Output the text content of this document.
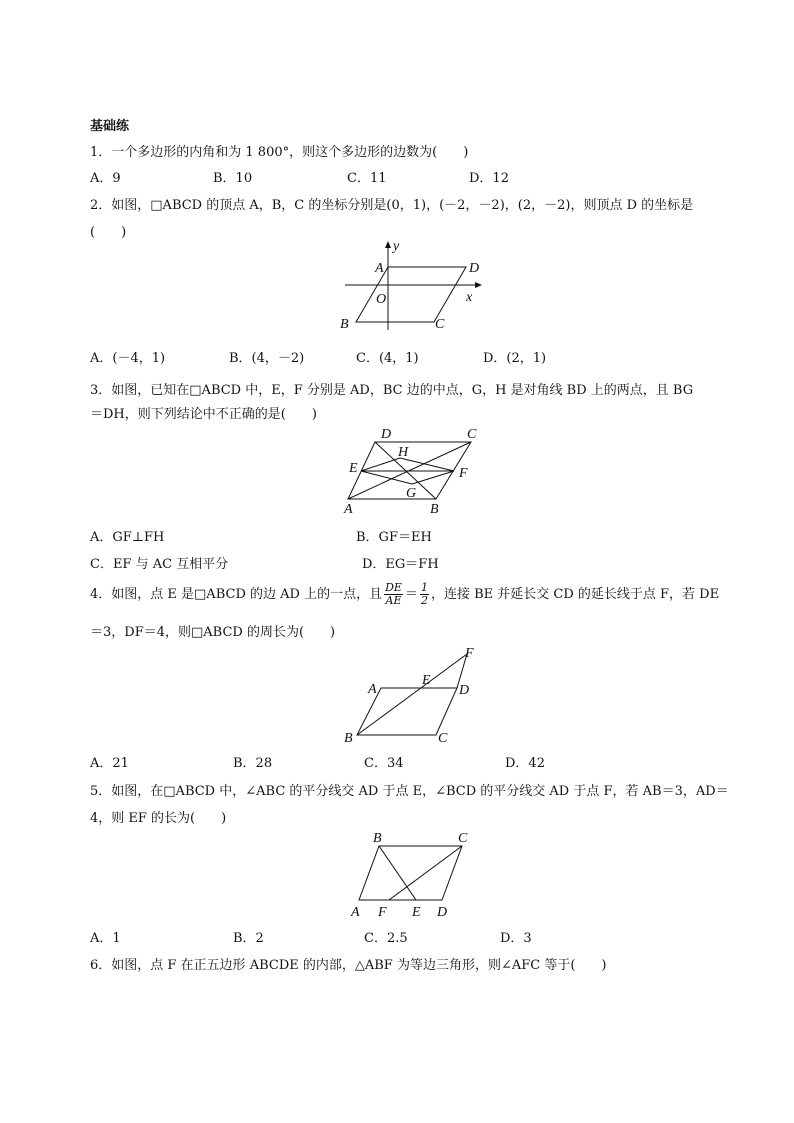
基础练
1．一个多边形的内角和为 1 800°，则这个多边形的边数为(　　)
A．9	B．10	C．11	D．12
2．如图，□ABCD 的顶点 A，B，C 的坐标分别是(0，1)，(－2，－2)，(2，－2)，则顶点 D 的坐标是
(　　)
y
x
O
A	D
B	C
A．(－4，1)	B．(4，－2)	C．(4，1)	D．(2，1)
3．如图，已知在□ABCD 中，E，F 分别是 AD，BC 边的中点，G，H 是对角线 BD 上的两点，且 BG
＝DH，则下列结论中不正确的是(　　)
D	C
H
E	F
G
A	B
A．GF⊥FH	B．GF＝EH
C．EF 与 AC 互相平分	D．EG＝FH
4．如图，点 E 是□ABCD 的边 AD 上的一点，且 $\frac{DE}{AE} = \frac{1}{2}$ ，连接 BE 并延长交 CD 的延长线于点 F，若 DE
＝3，DF＝4，则□ABCD 的周长为(　　)
F
A
E
D
B	C
A．21	B．28	C．34	D．42
5．如图，在□ABCD 中，∠ABC 的平分线交 AD 于点 E，∠BCD 的平分线交 AD 于点 F，若 AB＝3，AD＝
4，则 EF 的长为(　　)
B	C
A F E D
A．1	B．2	C．2.5	D．3
6．如图，点 F 在正五边形 ABCDE 的内部，△ABF 为等边三角形，则∠AFC 等于(　　)
